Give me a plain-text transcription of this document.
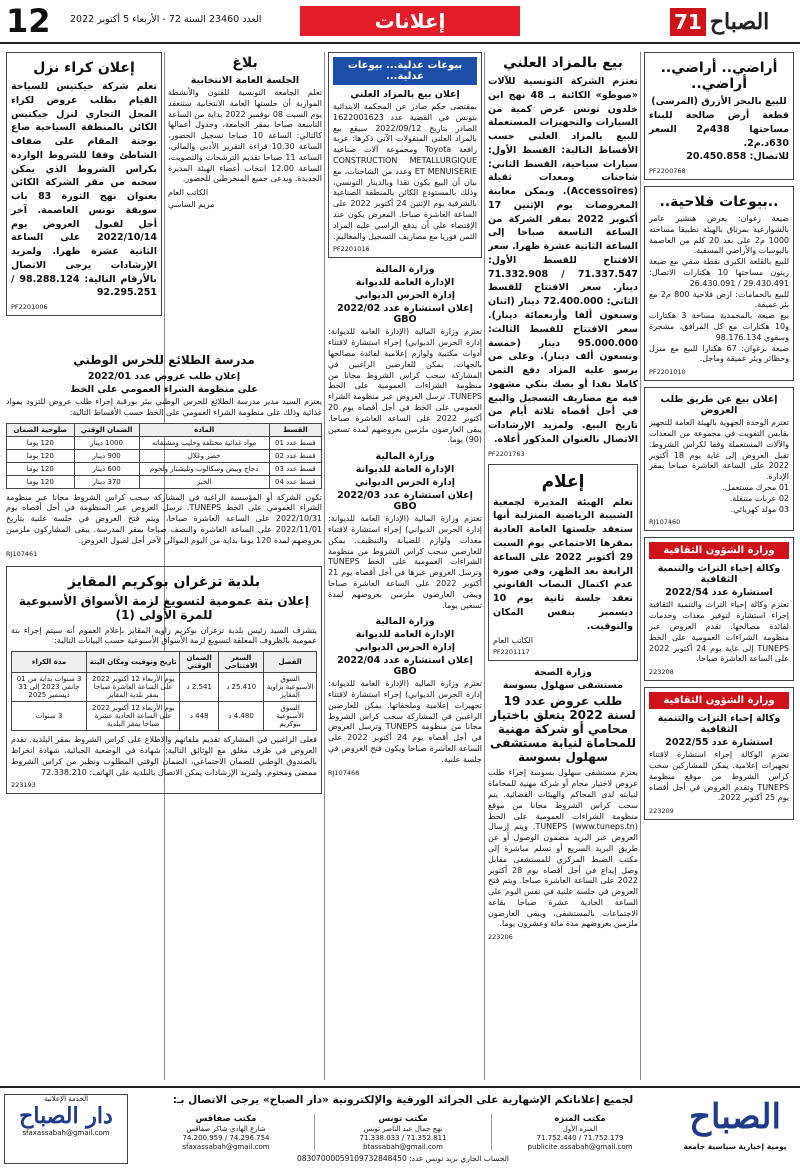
الصباح
71
إعلانات
العدد 23460 السنة 72 - الأربعاء 5 أكتوبر 2022
12
أراضي.. أراضي.. أراضي..
للبيع بالبحر الأزرق (المرسى)
قطعة أرض صالحة للبناء مساحتها 438م2 السعر 630د.م2.
للاتصال: 20.450.858
PF2200768
..بيوعات فلاحية..
ضيعة زغوان: يعرض هنشير عامر بالشوارعية بمرناق بالهيئة تطبيقا مساحته 1000 م2 على بعد 20 كلم من العاصمة بالبوسات والأراضي المسقية.
للبيع بالقلعة الكبرى نقطة سقي مع ضيعة زيتون مساحتها 10 هكتارات الاتصال: 29.430.491 / 26.430.091
للبيع بالحمامات: ارض فلاحية 800 م2 مع بئر عميقة.
بيع ضيعة بالمحمدية مساحة 3 هكتارات و10 هكتارات مع كل المرافق، مشجرة وسقوي 98.176.134
ضيعة بزغوان: 67 هكتارا للبيع مع منزل وحظائر وبئر عميقة وماجل.
PF2201010
إعلان بيع عن طريق طلب العروض
تعتزم الوحدة الجهوية بالهيئة العامة للتجهيز بقابس التفويت في مجموعة من المعدات والآلات المستعملة وفقا لكراس الشروط. تقبل العروض إلى غاية يوم 18 أكتوبر 2022 على الساعة العاشرة صباحا بمقر الإدارة.
01 محرك مستعمل.
02 عربات متنقلة.
03 مولد كهربائي.
RJ107460
وزارة الشؤون الثقافية
وكالة إحياء التراث والتنمية الثقافية
استشارة عدد 2022/54
تعتزم وكالة إحياء التراث والتنمية الثقافية إجراء استشارة لتوفير معدات وخدمات لفائدة مصالحها. تقدم العروض عبر منظومة الشراءات العمومية على الخط TUNEPS إلى غاية يوم 24 أكتوبر 2022 على الساعة العاشرة صباحا.
223208
وزارة الشؤون الثقافية
وكالة إحياء التراث والتنمية الثقافية
استشارة عدد 2022/55
تعتزم الوكالة إجراء استشارة لاقتناء تجهيزات إعلامية. يمكن للمشاركين سحب كراس الشروط من موقع منظومة TUNEPS وتقدم العروض في أجل أقصاه يوم 25 أكتوبر 2022.
223209
بيع بالمزاد العلني
تعتزم الشركة التونسية للآلات «صوطو» الكائنة بـ 48 نهج ابن خلدون تونس عرض كمية من السيارات والتجهيزات المستعملة للبيع بالمزاد العلني حسب الأقساط التالية: القسط الأول: سيارات سياحية، القسط الثاني: شاحنات ومعدات ثقيلة (Accessoires). ويمكن معاينة المعروضات يوم الإثنين 17 أكتوبر 2022 بمقر الشركة من الساعة التاسعة صباحا إلى الساعة الثانية عشرة ظهرا. سعر الافتتاح للقسط الأول: 71.337.547 / 71.332.908 دينار. سعر الافتتاح للقسط الثاني: 72.400.000 دينار (اثنان وسبعون ألفا وأربعمائة دينار). سعر الافتتاح للقسط الثالث: 95.000.000 دينار (خمسة وتسعون ألف دينار). وعلى من يرسو عليه المزاد دفع الثمن كاملا نقدا أو بصك بنكي مشهود فيه مع مصاريف التسجيل والبيع في أجل أقصاه ثلاثة أيام من تاريخ البيع. ولمزيد الإرشادات الاتصال بالعنوان المذكور أعلاه.
PF2201763
إعلام
تعلم الهيئة المديرة لجمعية الشبيبة الرياضية المنزلية أنها ستعقد جلستها العامة العادية بمقرها الاجتماعي يوم السبت 29 أكتوبر 2022 على الساعة الرابعة بعد الظهر، وفي صورة عدم اكتمال النصاب القانوني تعقد جلسة ثانية يوم 10 ديسمبر بنفس المكان والتوقيت.
الكاتب العام
PF2201117
وزارة الصحة
مستشفى سهلول بسوسة
طلب عروض عدد 19 لسنة 2022 يتعلق باختيار محامي أو شركة مهنية للمحاماة لنيابة مستشفى سهلول بسوسة
يعتزم مستشفى سهلول بسوسة إجراء طلب عروض لاختيار محام أو شركة مهنية للمحاماة لنيابته لدى المحاكم والهيئات القضائية. يتم سحب كراس الشروط مجانا من موقع منظومة الشراءات العمومية على الخط TUNEPS (www.tuneps.tn). ويتم إرسال العروض عبر البريد مضمون الوصول أو عن طريق البريد السريع أو تسلم مباشرة إلى مكتب الضبط المركزي للمستشفى مقابل وصل إيداع في أجل أقصاه يوم 28 أكتوبر 2022 على الساعة العاشرة صباحا. ويتم فتح العروض في جلسة علنية في نفس اليوم على الساعة الحادية عشرة صباحا بقاعة الاجتماعات بالمستشفى، ويبقى العارضون ملزمين بعروضهم مدة مائة وعشرون يوما.
223206
بيوعات عدلية... بيوعات عدلية...
إعلان بيع بالمزاد العلني
بمقتضى حكم صادر عن المحكمة الابتدائية بتونس في القضية عدد 1622001623 الصادر بتاريخ 2022/09/12 سيقع بيع بالمزاد العلني المنقولات الآتي ذكرها: عربة رافعة Toyota ومجموعة آلات صناعية CONSTRUCTION METALLURGIQUE ET MENUISERIE وعدد من الشاحنات، مع بيان أن البيع يكون نقدا وبالدينار التونسي، وذلك بالمستودع الكائن بالمنطقة الصناعية بالشرقية يوم الإثنين 24 أكتوبر 2022 على الساعة العاشرة صباحا. المعرض يكون عند الإقتضاء على أن يدفع الراسي عليه المزاد الثمن فوريا مع مصاريف التسجيل والمعاليم.
PF2201016
وزارة المالية
الإدارة العامة للديوانة
إدارة الحرس الديواني
إعلان استشارة عدد 2022/02 GBO
تعتزم وزارة المالية (الإدارة العامة للديوانة: إدارة الحرس الديواني) إجراء استشارة لاقتناء أدوات مكتبية ولوازم إعلامية لفائدة مصالحها بالجهات. يمكن للعارضين الراغبين في المشاركة سحب كراس الشروط مجانا من منظومة الشراءات العمومية على الخط TUNEPS. ترسل العروض عبر منظومة الشراء العمومي على الخط في أجل أقصاه يوم 20 أكتوبر 2022 على الساعة العاشرة صباحا. يبقى العارضون ملزمين بعروضهم لمدة تسعين (90) يوما.
وزارة المالية
الإدارة العامة للديوانة
إدارة الحرس الديواني
إعلان استشارة عدد 2022/03 GBO
تعتزم وزارة المالية (الإدارة العامة للديوانة: إدارة الحرس الديواني) إجراء استشارة لاقتناء معدات ولوازم للصيانة والتنظيف. يمكن للعارضين سحب كراس الشروط من منظومة الشراءات العمومية على الخط TUNEPS وترسل العروض عبرها في أجل أقصاه يوم 21 أكتوبر 2022 على الساعة العاشرة صباحا ويبقى العارضون ملزمين بعروضهم لمدة تسعين يوما.
وزارة المالية
الإدارة العامة للديوانة
إدارة الحرس الديواني
إعلان استشارة عدد 2022/04 GBO
تعتزم وزارة المالية (الإدارة العامة للديوانة: إدارة الحرس الديواني) إجراء استشارة لاقتناء تجهيزات إعلامية وملحقاتها. يمكن للعارضين الراغبين في المشاركة سحب كراس الشروط مجانا من منظومة TUNEPS وترسل العروض في أجل أقصاه يوم 24 أكتوبر 2022 على الساعة العاشرة صباحا ويكون فتح العروض في جلسة علنية.
RJ107468
بلاغ
الجلسة العامة الانتخابية
تعلم الجامعة التونسية للفنون والأنشطة الموازية أن جلستها العامة الانتخابية ستنعقد يوم السبت 08 نوفمبر 2022 بداية من الساعة التاسعة صباحا بمقر الجامعة، وجدول أعمالها كالتالي: الساعة 10 صباحا تسجيل الحضور، الساعة 10.30 قراءة التقرير الأدبي والمالي، الساعة 11 صباحا تقديم الترشحات والتصويت، الساعة 12.00 انتخاب أعضاء الهيئة المديرة الجديدة. ويدعى جميع المنخرطين للحضور.
الكاتب العام
مريم الساسي
إعلان كراء نزل
تعلم شركة جيكتيس للسياحة القيام بطلب عروض لكراء المحل التجاري لنزل جيكتيس الكائن بالمنطقة السياحية صاع بوجنة المقام على ضفاف الشاطئ وفقا للشروط الواردة بكراس الشروط الذي يمكن سحبه من مقر الشركة الكائن بعنوان نهج الثورة 83 باب سويقة تونس العاصمة. آخر أجل لقبول العروض يوم 2022/10/14 على الساعة الثانية عشرة ظهرا. ولمزيد الإرشادات يرجى الاتصال بالأرقام التالية: 98.288.124 / 92.295.251
PF2201006
مدرسة الطلائع للحرس الوطني
إعلان طلب عروض عدد 2022/01
على منظومة الشراء العمومي على الخط
يعتزم السيد مدير مدرسة الطلائع للحرس الوطني ببئر بورقبة إجراء طلب عروض للتزود بمواد غذائية وذلك على منظومة الشراء العمومي على الخط حسب الأقساط التالية:
القسط	المادة	الضمان الوقتي	صلوحية الضمان
قسط عدد 01	مواد غذائية مختلفة وحليب ومشتقاته	1000 دينار	120 يوما
قسط عدد 02	خضر وغلال	900 دينار	120 يوما
قسط عدد 03	دجاج وبيض وسكالوب وتليشتار ولحوم	600 دينار	120 يوما
قسط عدد 04	الخبز	370 دينار	120 يوما
تكون الشركة أو المؤسسة الراغبة في المشاركة سحب كراس الشروط مجانا عبر منظومة الشراء العمومي على الخط TUNEPS. ترسل العروض عبر المنظومة في أجل أقصاه يوم 2022/10/31 على الساعة العاشرة صباحا، ويتم فتح العروض في جلسة علنية بتاريخ 2022/11/01 على الساعة العاشرة والنصف صباحا بمقر المدرسة. يبقى المشاركون ملزمين بعروضهم لمدة 120 يوما بداية من اليوم الموالي لآخر أجل لقبول العروض.
RJ107461
بلدية تزغران بوكريم المقايز
إعلان بتة عمومية لتسويغ لزمة الأسواق الأسبوعية للمرة الأولى (1)
يتشرف السيد رئيس بلدية تزغران بوكريم زاوية المقايز بإعلام العموم أنه سيتم إجراء بتة عمومية بالظروف المغلقة لتسويغ لزمة الأسواق الأسبوعية حسب البيانات التالية:
الفصل	السعر الافتتاحي	الضمان الوقتي	تاريخ وتوقيت ومكان البتة	مدة الكراء
السوق الأسبوعية بزاوية المقايز	25.410 د	2.541 د	يوم الأربعاء 12 أكتوبر 2022 على الساعة العاشرة صباحا بمقر بلدية المقايز	3 سنوات بداية من 01 جانفي 2023 إلى 31 ديسمبر 2025
السوق الأسبوعية ببوكريم	4.480 د	448 د	يوم الأربعاء 12 أكتوبر 2022 على الساعة الحادية عشرة صباحا بمقر البلدية	3 سنوات
فعلى الراغبين في المشاركة تقديم ملفاتهم والاطلاع على كراس الشروط بمقر البلدية. تقدم العروض في ظرف مغلق مع الوثائق التالية: شهادة في الوضعية الجبائية، شهادة انخراط بالصندوق الوطني للضمان الاجتماعي، الضمان الوقتي المطلوب ونظير من كراس الشروط ممضى ومختوم. ولمزيد الإرشادات يمكن الاتصال بالبلدية على الهاتف: 72.338.210
223193
الصباح
يومية إخبارية سياسية جامعة
لجميع إعلاناتكم الإشهارية على الجرائد الورقية والإلكترونية «دار الصباح» يرجى الاتصال بـ:
مكتب المنزه
المنزه الأول
71.752.179 / 71.752.440
publicite.assabah@gmail.com
مكتب تونس
نهج جمال عبد الناصر تونس
71.352.811 / 71.338.033
btassabah@gmail.com
مكتب صفاقس
شارع الهادي شاكر صفاقس
74.296.754 / 74.200.959
sfaxassabah@gmail.com
الحساب الجاري بريد تونس عدد: 08307000059109732848450
الخدمة الإعلانية
دار الصباح
sfaxassabah@gmail.com
